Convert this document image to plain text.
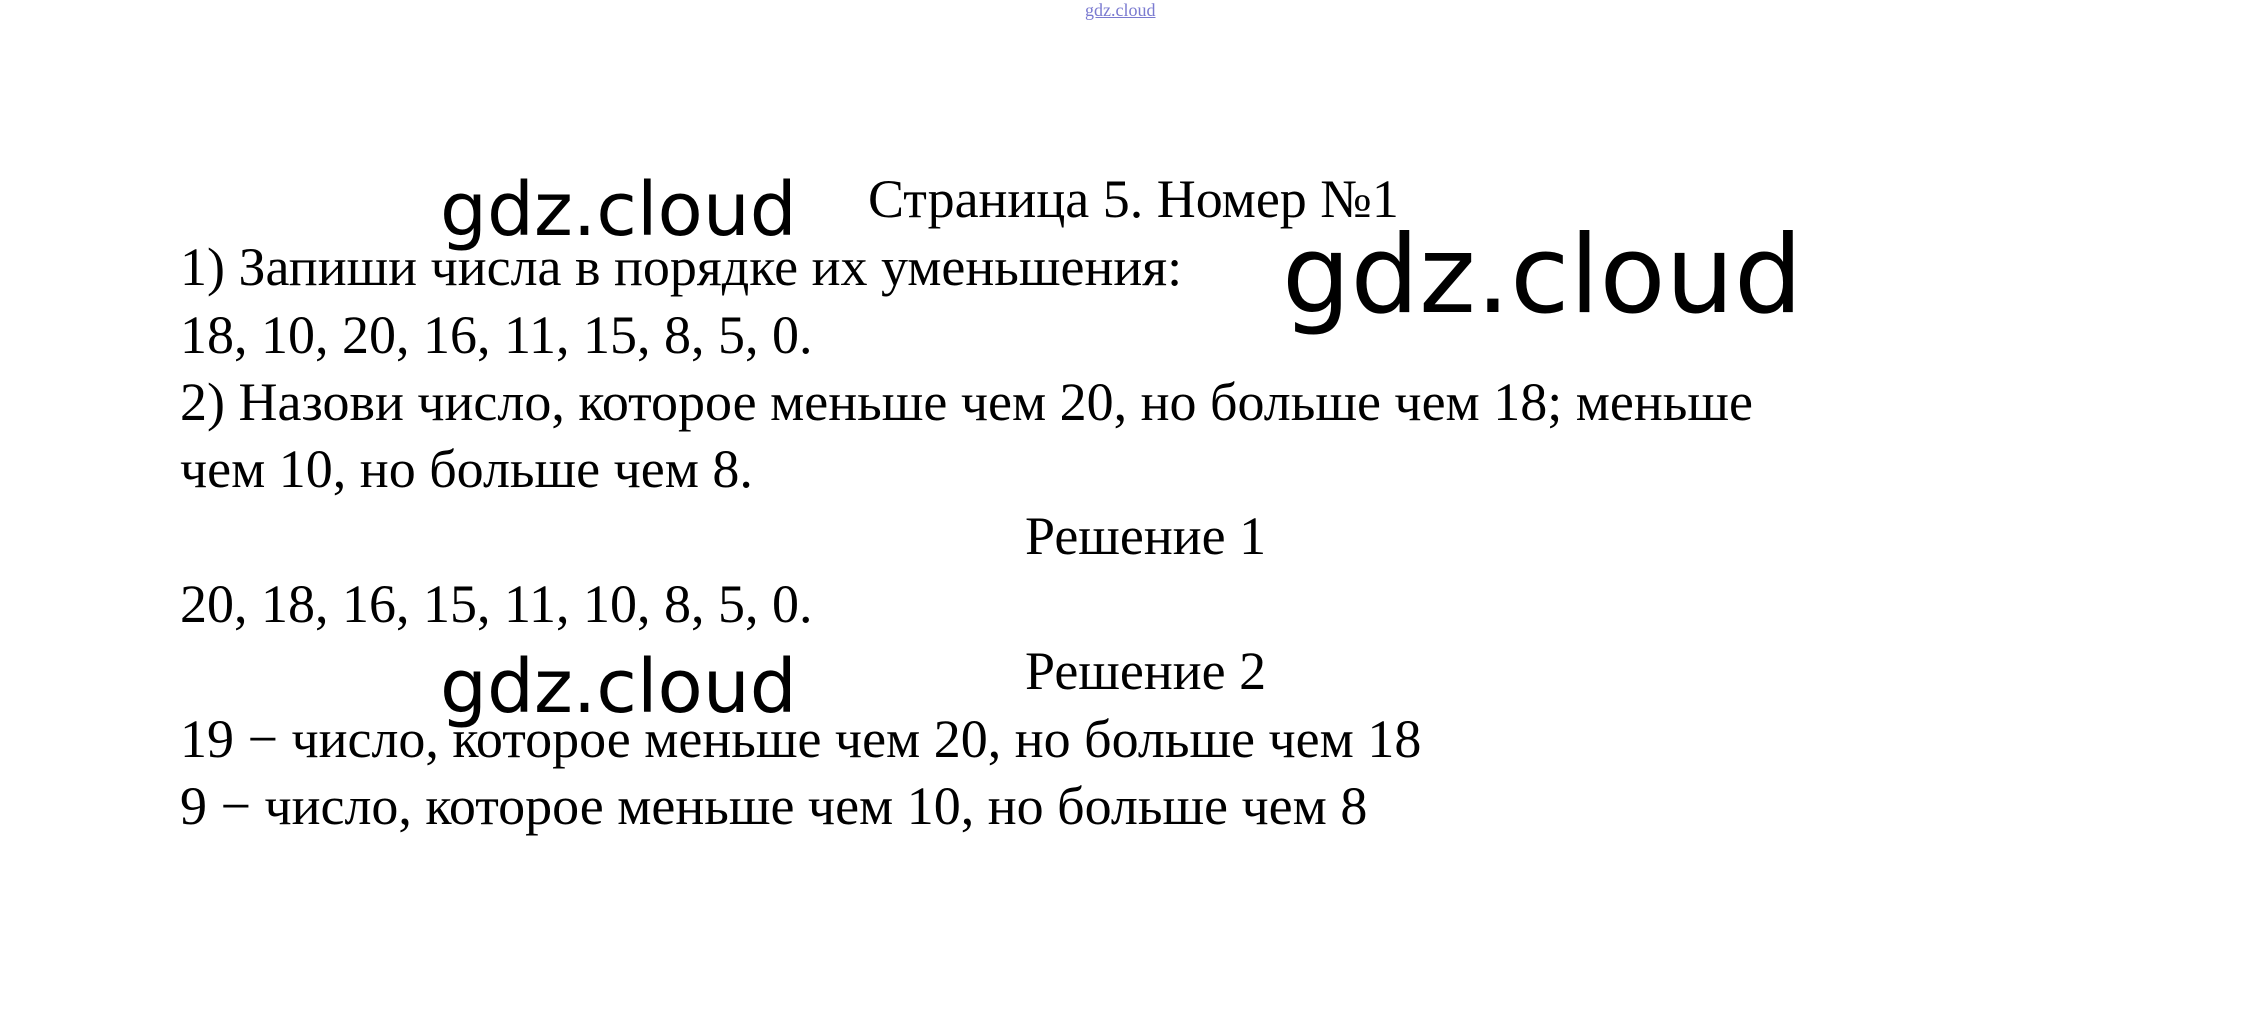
gdz.cloud
Страница 5. Номер №1
1) Запиши числа в порядке их уменьшения:
18, 10, 20, 16, 11, 15, 8, 5, 0.
2) Назови число, которое меньше чем 20, но больше чем 18; меньше
чем 10, но больше чем 8.
Решение 1
20, 18, 16, 15, 11, 10, 8, 5, 0.
Решение 2
19 − число, которое меньше чем 20, но больше чем 18
9 − число, которое меньше чем 10, но больше чем 8
gdz.cloud
gdz.cloud
gdz.cloud
